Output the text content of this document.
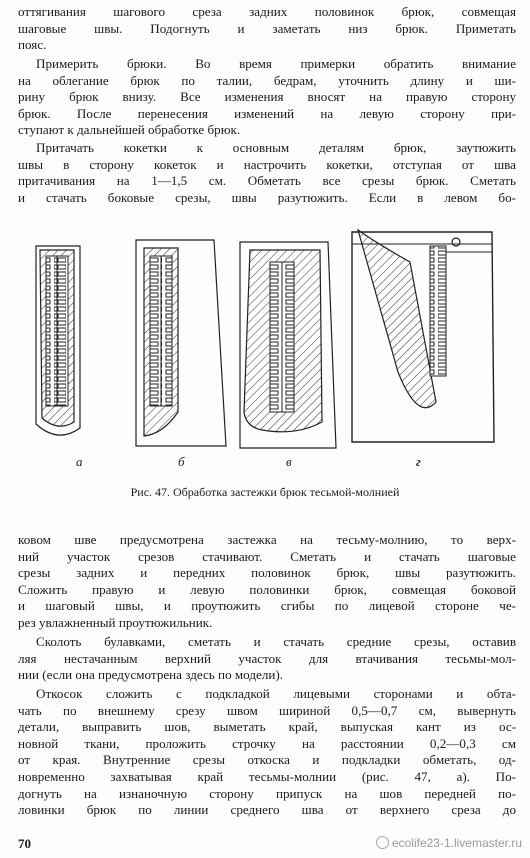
оттягивания шагового среза задних половинок брюк, совмещая
шаговые швы. Подогнуть и заметать низ брюк. Приметать
пояс.
Примерить брюки. Во время примерки обратить внимание
на облегание брюк по талии, бедрам, уточнить длину и ши-
рину брюк внизу. Все изменения вносят на правую сторону
брюк. После перенесения изменений на левую сторону при-
ступают к дальнейшей обработке брюк.
Притачать кокетки к основным деталям брюк, заутюжить
швы в сторону кокеток и настрочить кокетки, отступая от шва
притачивания на 1—1,5 см. Обметать все срезы брюк. Сметать
и стачать боковые срезы, швы разутюжить. Если в левом бо-
а	б	в	г
Рис. 47. Обработка застежки брюк тесьмой-молнией
ковом шве предусмотрена застежка на тесьму-молнию, то верх-
ний участок срезов стачивают. Сметать и стачать шаговые
срезы задних и передних половинок брюк, швы разутюжить.
Сложить правую и левую половинки брюк, совмещая боковой
и шаговый швы, и проутюжить сгибы по лицевой стороне че-
рез увлажненный проутюжильник.
Сколоть булавками, сметать и стачать средние срезы, оставив
ляя нестачанным верхний участок для втачивания тесьмы-мол-
нии (если она предусмотрена здесь по модели).
Откосок сложить с подкладкой лицевыми сторонами и обтa-
чать по внешнему срезу швом шириной 0,5—0,7 см, вывернуть
детали, выправить шов, выметать край, выпуская кант из ос-
новной ткани, проложить строчку на расстоянии 0,2—0,3 см
от края. Внутренние срезы откоска и подкладки обметать, од-
новременно захватывая край тесьмы-молнии (рис. 47, а). По-
догнуть на изнаночную сторону припуск на шов передней по-
ловинки брюк по линии среднего шва от верхнего среза до
70	ecolife23-1.livemaster.ru
